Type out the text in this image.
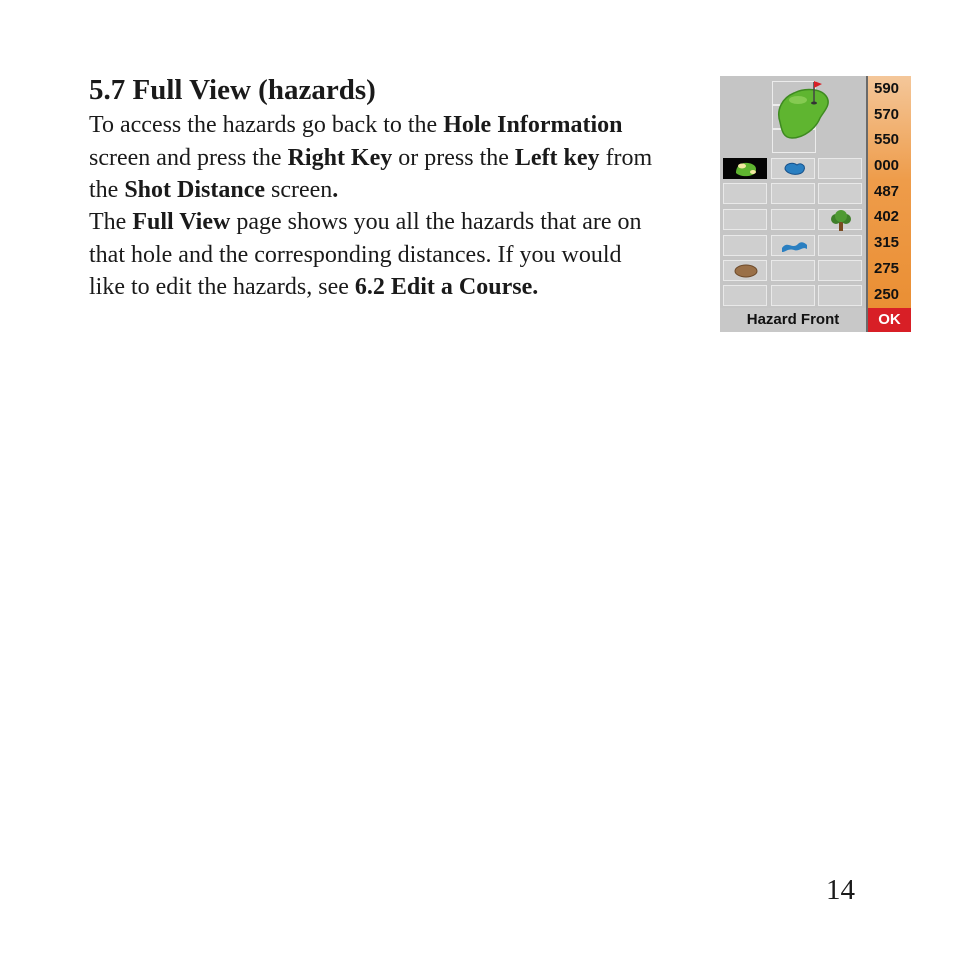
5.7 Full View (hazards)

To access the hazards go back to the Hole Information
screen and press the Right Key or press the Left key from
the Shot Distance screen.

The Full View page shows you all the hazards that are on
that hole and the corresponding distances. If you would
like to edit the hazards, see 6.2 Edit a Course.

590
570
550
000
487
402
315
275
250
Hazard Front	OK
14
